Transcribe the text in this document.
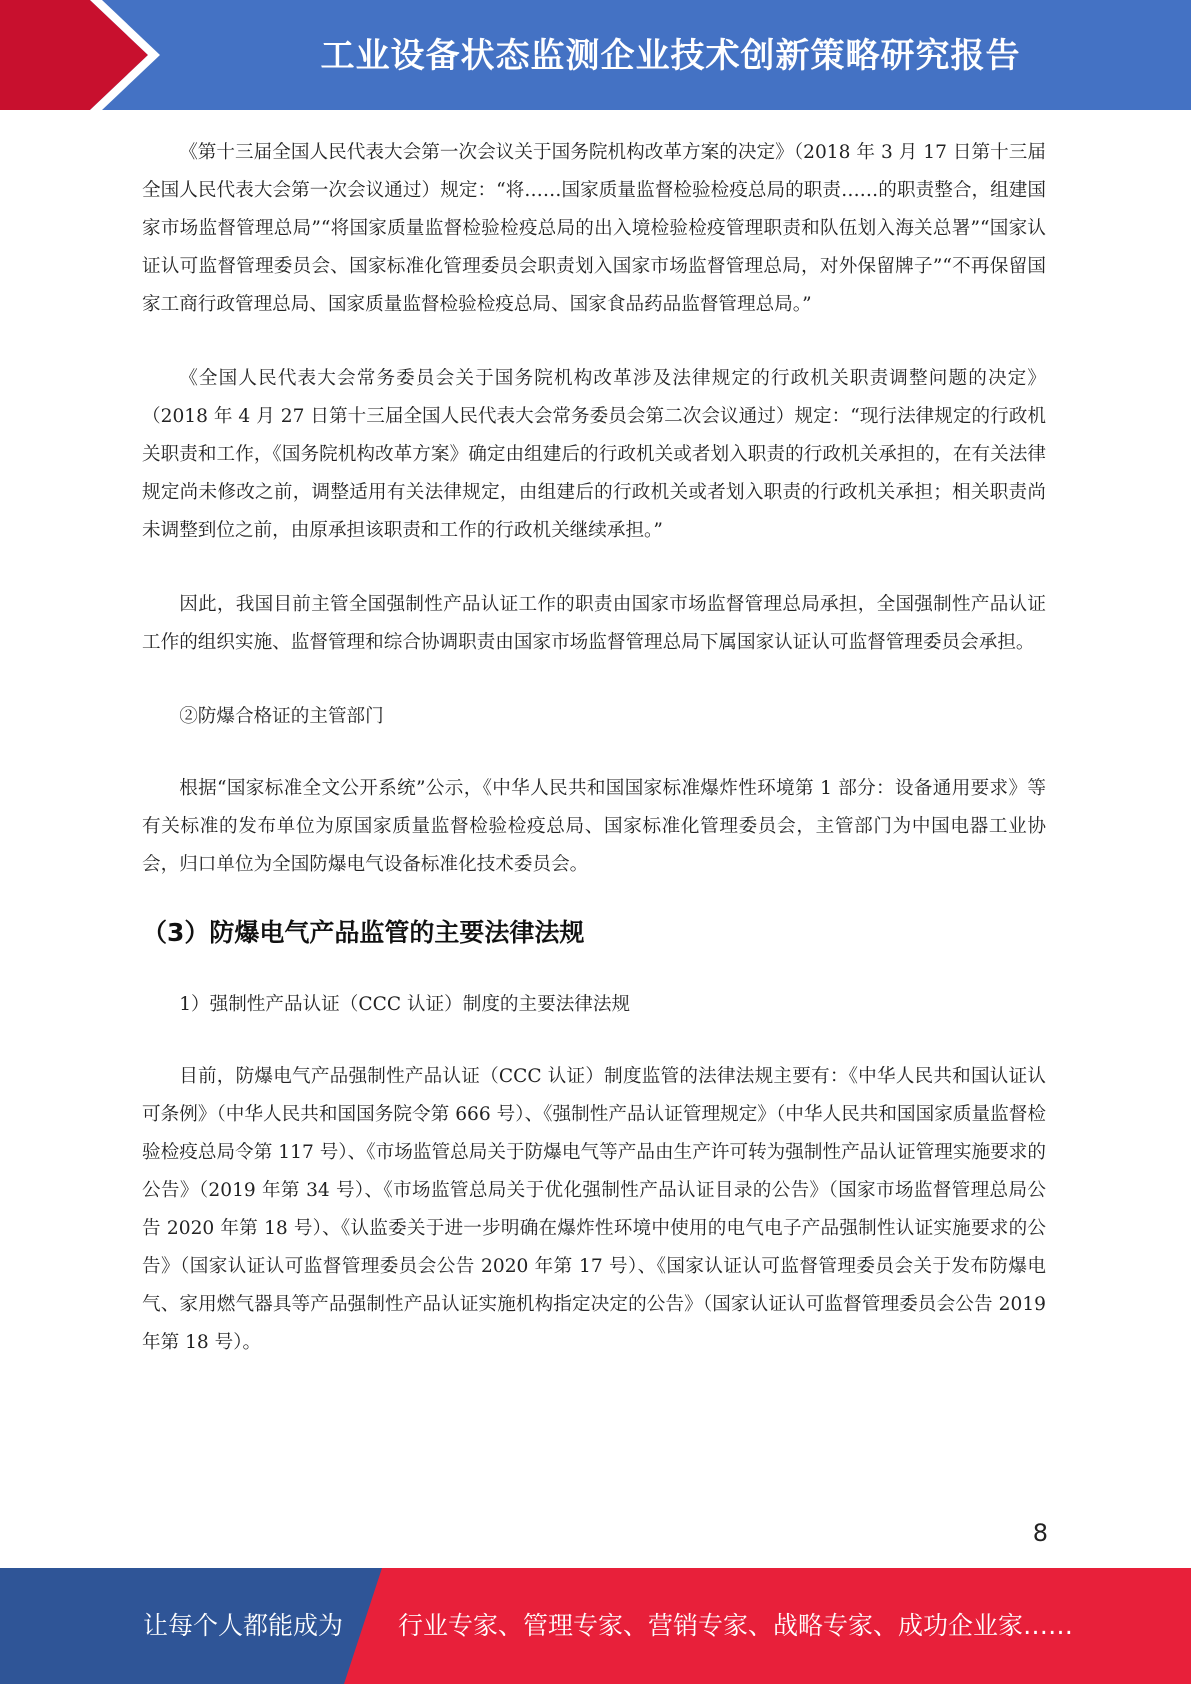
工业设备状态监测企业技术创新策略研究报告

《第十三届全国人民代表大会第一次会议关于国务院机构改革方案的决定》（2018 年 3 月 17 日第十三届全国人民代表大会第一次会议通过）规定：“将……国家质量监督检验检疫总局的职责……的职责整合，组建国家市场监督管理总局”“将国家质量监督检验检疫总局的出入境检验检疫管理职责和队伍划入海关总署”“国家认证认可监督管理委员会、国家标准化管理委员会职责划入国家市场监督管理总局，对外保留牌子”“不再保留国家工商行政管理总局、国家质量监督检验检疫总局、国家食品药品监督管理总局。”

《全国人民代表大会常务委员会关于国务院机构改革涉及法律规定的行政机关职责调整问题的决定》（2018 年 4 月 27 日第十三届全国人民代表大会常务委员会第二次会议通过）规定：“现行法律规定的行政机关职责和工作，《国务院机构改革方案》确定由组建后的行政机关或者划入职责的行政机关承担的，在有关法律规定尚未修改之前，调整适用有关法律规定，由组建后的行政机关或者划入职责的行政机关承担；相关职责尚未调整到位之前，由原承担该职责和工作的行政机关继续承担。”

因此，我国目前主管全国强制性产品认证工作的职责由国家市场监督管理总局承担，全国强制性产品认证工作的组织实施、监督管理和综合协调职责由国家市场监督管理总局下属国家认证认可监督管理委员会承担。

②防爆合格证的主管部门

根据“国家标准全文公开系统”公示，《中华人民共和国国家标准爆炸性环境第 1 部分：设备通用要求》等有关标准的发布单位为原国家质量监督检验检疫总局、国家标准化管理委员会，主管部门为中国电器工业协会，归口单位为全国防爆电气设备标准化技术委员会。

（3）防爆电气产品监管的主要法律法规

1）强制性产品认证（CCC 认证）制度的主要法律法规

目前，防爆电气产品强制性产品认证（CCC 认证）制度监管的法律法规主要有：《中华人民共和国认证认可条例》（中华人民共和国国务院令第 666 号）、《强制性产品认证管理规定》（中华人民共和国国家质量监督检验检疫总局令第 117 号）、《市场监管总局关于防爆电气等产品由生产许可转为强制性产品认证管理实施要求的公告》（2019 年第 34 号）、《市场监管总局关于优化强制性产品认证目录的公告》（国家市场监督管理总局公告 2020 年第 18 号）、《认监委关于进一步明确在爆炸性环境中使用的电气电子产品强制性认证实施要求的公告》（国家认证认可监督管理委员会公告 2020 年第 17 号）、《国家认证认可监督管理委员会关于发布防爆电气、家用燃气器具等产品强制性产品认证实施机构指定决定的公告》（国家认证认可监督管理委员会公告 2019 年第 18 号）。

8
让每个人都能成为 行业专家、管理专家、营销专家、战略专家、成功企业家……
